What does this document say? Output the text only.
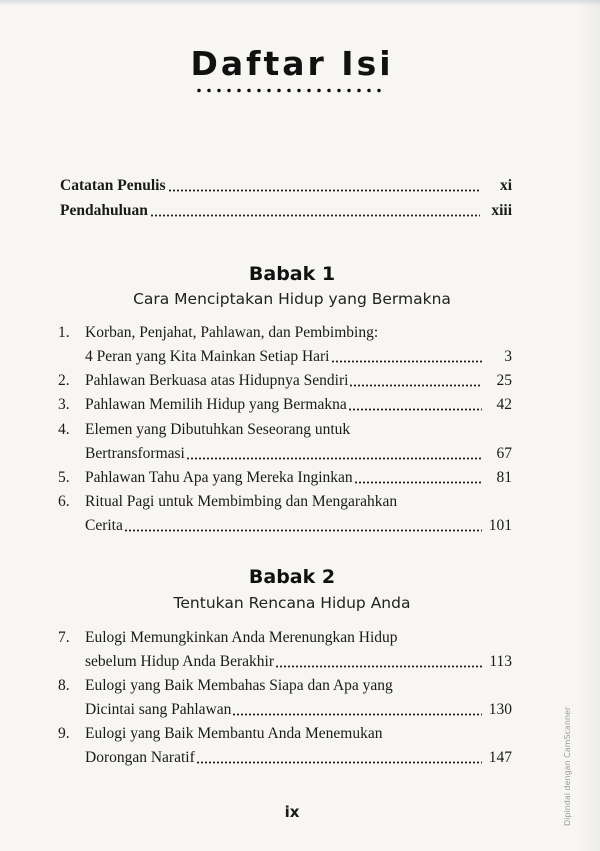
Daftar Isi
Catatan Penulis	xi
Pendahuluan	xiii
Babak 1
Cara Menciptakan Hidup yang Bermakna
1. Korban, Penjahat, Pahlawan, dan Pembimbing:
4 Peran yang Kita Mainkan Setiap Hari	3
2. Pahlawan Berkuasa atas Hidupnya Sendiri	25
3. Pahlawan Memilih Hidup yang Bermakna	42
4. Elemen yang Dibutuhkan Seseorang untuk
Bertransformasi	67
5. Pahlawan Tahu Apa yang Mereka Inginkan	81
6. Ritual Pagi untuk Membimbing dan Mengarahkan
Cerita	101
Babak 2
Tentukan Rencana Hidup Anda
7. Eulogi Memungkinkan Anda Merenungkan Hidup
sebelum Hidup Anda Berakhir	113
8. Eulogi yang Baik Membahas Siapa dan Apa yang
Dicintai sang Pahlawan	130
9. Eulogi yang Baik Membantu Anda Menemukan
Dorongan Naratif	147
ix	Dipindai dengan CamScanner
